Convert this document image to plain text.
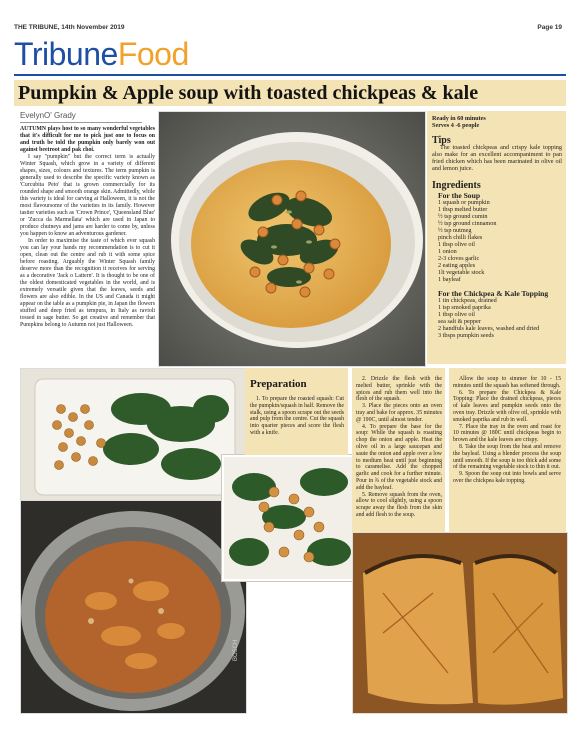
THE TRIBUNE, 14th November 2019	Page 19
TribuneFood
Pumpkin & Apple soup with toasted chickpeas & kale
EvelynO' Grady

AUTUMN plays host to so many wonderful vegetables that it's difficult for me to pick just one to focus on and truth be told the pumpkin only barely won out against beetroot and pak choi.

I say "pumpkin" but the correct term is actually Winter Squash, which grow in a variety of different shapes, sizes, colours and textures. The term pumpkin is generally used to describe the specific variety known as 'Curcubita Peto' that is grown commercially for its rounded shape and smooth orange skin. Admittedly, while this variety is ideal for carving at Halloween, it is not the most flavoursome of the varieties in its family. However tastier varieties such as 'Crown Prince', 'Queensland Blue' or 'Zucca da Marmellata' which are used in Japan to produce chutneys and jams are harder to come by, unless you happen to know an adventurous gardener.

In order to maximise the taste of which ever squash you can lay your hands my recommendation is to cut it open, clean out the centre and rub it with some spice before roasting. Arguably the Winter Squash family deserve more than the recognition it receives for serving as a decorative 'Jack o Lattern'. It is thought to be one of the oldest domesticated vegetables in the world, and is extremely versatile given that the leaves, seeds and flowers are also edible. In the US and Canada it might appear on the table as a pumpkin pie, in Japan the flowers stuffed and deep fried as tempura, in Italy as ravioli tossed in sage butter. So get creative and remember that Pumpkins belong to Autumn not just Halloween.

Ready in 60 minutes

Serves 4 -6 people

Tips

The toasted chickpeas and crispy kale topping also make for an excellent accompaniment to pan fried chicken which has been marinated in olive oil and lemon juice.

Ingredients
For the Soup

1 squash or pumpkin

1 tbsp melted butter

½ tsp ground cumin

½ tsp ground cinnamon

½ tsp nutmeg

pinch chilli flakes

1 tbsp olive oil

1 onion

2-3 cloves garlic

2 eating apples

1lt vegetable stock

1 bayleaf

For the Chickpea & Kale Topping

1 tin chickpeas, drained

1 tsp smoked paprika

1 tbsp olive oil

sea salt & pepper

2 handfuls kale leaves, washed and dried

3 tbsps pumpkin seeds

BOSCH
Preparation

1. To prepare the roasted squash: Cut the pumpkin/squash in half. Remove the stalk, using a spoon scrape out the seeds and pulp from the centre. Cut the squash into quarter pieces and score the flesh with a knife.

2. Drizzle the flesh with the melted butter, sprinkle with the spices and rub them well into the flesh of the squash.

3. Place the pieces onto an oven tray and bake for approx. 35 minutes @ 190C, until almost tender.

4. To prepare the base for the soup: While the squash is roasting chop the onion and apple. Heat the olive oil in a large saucepan and saute the onion and apple over a low to medium heat until just beginning to caramelise. Add the chopped garlic and cook for a further minute. Pour in ¾ of the vegetable stock and add the bayleaf.

5. Remove squash from the oven, allow to cool slightly, using a spoon scrape away the flesh from the skin and add flesh to the soup.

Allow the soup to simmer for 10 - 15 minutes until the squash has softened through.

6. To prepare the Chickpea & Kale Topping: Place the drained chickpeas, pieces of kale leaves and pumpkin seeds onto the oven tray. Drizzle with olive oil, sprinkle with smoked paprika and rub in well.

7. Place the tray in the oven and roast for 10 minutes @ 180C until chickpeas begin to brown and the kale leaves are crispy.

8. Take the soup from the heat and remove the bayleaf. Using a blender process the soup until smooth. If the soup is too thick add some of the remaining vegetable stock to thin it out.

9. Spoon the soup out into bowls and serve over the chickpea kale topping.
